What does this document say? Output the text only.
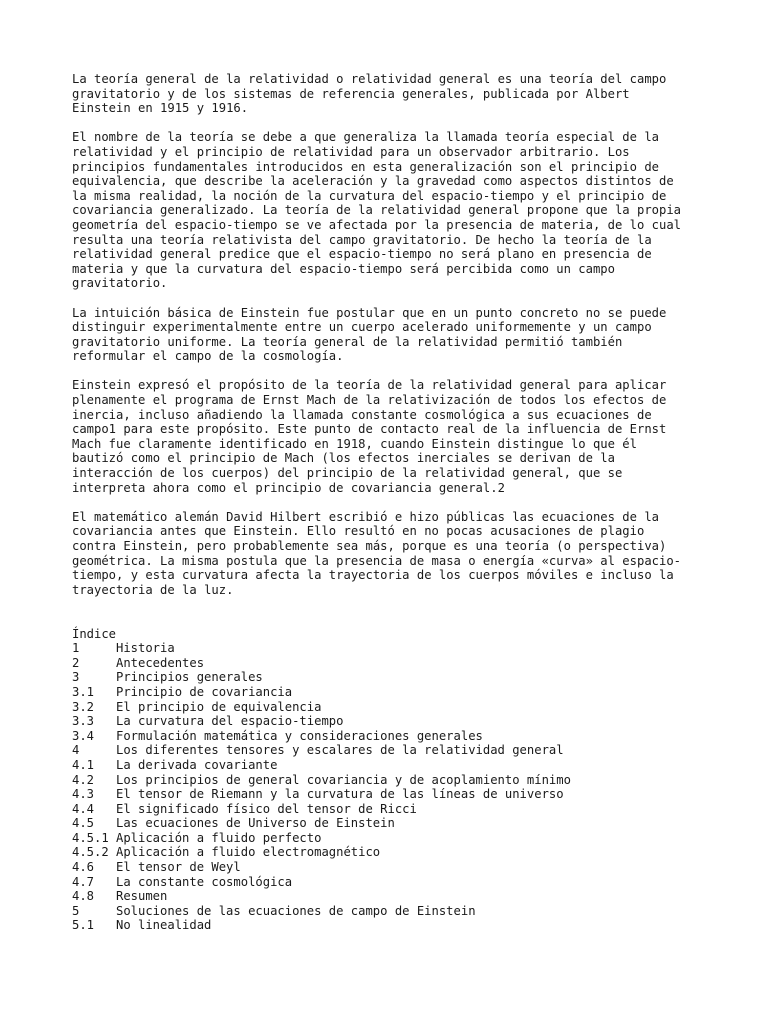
La teoría general de la relatividad o relatividad general es una teoría del campo
gravitatorio y de los sistemas de referencia generales, publicada por Albert
Einstein en 1915 y 1916.

El nombre de la teoría se debe a que generaliza la llamada teoría especial de la
relatividad y el principio de relatividad para un observador arbitrario. Los
principios fundamentales introducidos en esta generalización son el principio de
equivalencia, que describe la aceleración y la gravedad como aspectos distintos de
la misma realidad, la noción de la curvatura del espacio-tiempo y el principio de
covariancia generalizado. La teoría de la relatividad general propone que la propia
geometría del espacio-tiempo se ve afectada por la presencia de materia, de lo cual
resulta una teoría relativista del campo gravitatorio. De hecho la teoría de la
relatividad general predice que el espacio-tiempo no será plano en presencia de
materia y que la curvatura del espacio-tiempo será percibida como un campo
gravitatorio.

La intuición básica de Einstein fue postular que en un punto concreto no se puede
distinguir experimentalmente entre un cuerpo acelerado uniformemente y un campo
gravitatorio uniforme. La teoría general de la relatividad permitió también
reformular el campo de la cosmología.

Einstein expresó el propósito de la teoría de la relatividad general para aplicar
plenamente el programa de Ernst Mach de la relativización de todos los efectos de
inercia, incluso añadiendo la llamada constante cosmológica a sus ecuaciones de
campo1 para este propósito. Este punto de contacto real de la influencia de Ernst
Mach fue claramente identificado en 1918, cuando Einstein distingue lo que él
bautizó como el principio de Mach (los efectos inerciales se derivan de la
interacción de los cuerpos) del principio de la relatividad general, que se
interpreta ahora como el principio de covariancia general.2

El matemático alemán David Hilbert escribió e hizo públicas las ecuaciones de la
covariancia antes que Einstein. Ello resultó en no pocas acusaciones de plagio
contra Einstein, pero probablemente sea más, porque es una teoría (o perspectiva)
geométrica. La misma postula que la presencia de masa o energía «curva» al espacio-
tiempo, y esta curvatura afecta la trayectoria de los cuerpos móviles e incluso la
trayectoria de la luz.

Índice
1	Historia
2	Antecedentes
3	Principios generales
3.1	Principio de covariancia
3.2	El principio de equivalencia
3.3	La curvatura del espacio-tiempo
3.4	Formulación matemática y consideraciones generales
4	Los diferentes tensores y escalares de la relatividad general
4.1	La derivada covariante
4.2	Los principios de general covariancia y de acoplamiento mínimo
4.3	El tensor de Riemann y la curvatura de las líneas de universo
4.4	El significado físico del tensor de Ricci
4.5	Las ecuaciones de Universo de Einstein
4.5.1 Aplicación a fluido perfecto
4.5.2 Aplicación a fluido electromagnético
4.6	El tensor de Weyl
4.7	La constante cosmológica
4.8	Resumen
5	Soluciones de las ecuaciones de campo de Einstein
5.1	No linealidad
